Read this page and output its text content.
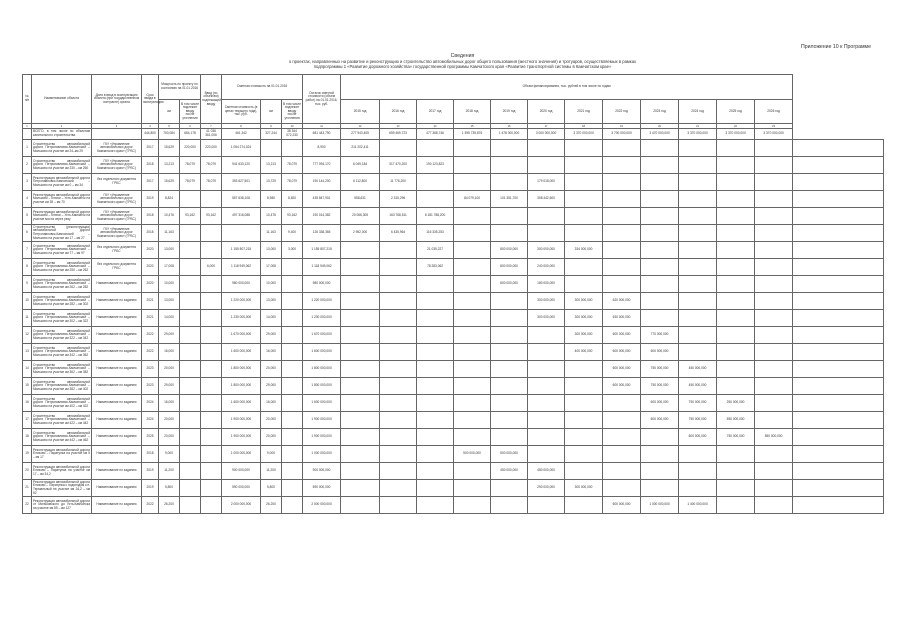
Приложение 10 к Программе
Сведения
о проектах, направленных на развитие и реконструкцию и строительство автомобильных дорог общего пользования (местного значения) и тротуаров, осуществляемых в рамках
подпрограммы 1 «Развитие дорожного хозяйства» государственной программы Камчатского края «Развитие транспортной системы в Камчатском крае»
№ п/п	Наименование объекта	Доля в ввод в эксплуатацию объекта (при государственном контракте) органа	Срок ввода в эксплуатацию	Мощность по проекту по состоянию на 01.01.2016		Ввод (по объектам) подлежащей вводу	Сметная стоимость на 01.01.2016			Остаток сметной стоимости (объем работ) на 01.01.2016, тыс. руб.	Объем финансирования, тыс. рублей в том числе по годам												
				км	В том числе подлежит вводу после уточнения		Сметная стоимость (в ценах текущего года), тыс. руб.	км	В том числе подлежит вводу после уточнения		2015 год	2016 год	2017 год	2018 год	2019 год	2020 год	2021 год	2022 год	2023 год	2024 год	2025 год	2026 год	
1	2	3	4	5	6	7	8	9	10	11	12	13	14	15	16	17	18	19	20	21	22	23	
	ВСЕГО, в том числе по объектам капитального строительства		444,800	700,084	664,178	41 036 361,006	461,342	327,244	38 344 072,230	681 443,790	277 943,405	659 469,723	477 368,746	1 395 735,876	1 478 000,000	3 000 000,000	3 370 000,000	3 700 000,000	3 470 000,000	3 370 000,000	3 370 000,000	3 370 000,000	
1	Строительство автомобильной дороги Петропавловск-Камчатский – Мильково на участке км 24–км 29	ГКУ «Управление автомобильных дорог Камчатского края» (ГРБС)	2017	15,629	220,000	220,000	1 054 274,024			8,900	211 202,411												
2	Строительство автомобильной дороги Петропавловск-Камчатский – Мильково на участке км 230 – км 260	ГКУ «Управление автомобильных дорог Камчатского края» (ГРБС)	2018	13,213	78,079	78,079	941 633,120	13,213	78,079	777 094,170	6 049,184	317 470,200	190 123,823										
3	Реконструкция автомобильной дороги Петропавловск-Камчатский – Мильково на участке км 0 – км 34	без отдельного документа ГРБС	2017	15,629	78,079	78,079	393 627,501	13,729	78,079	190 144,200	6 112,800	11 776,200				179 018,000							
4	Реконструкция автомобильной дороги Мильково – Ключи – Усть-Камчатск на участке км 35 – км 70	ГКУ «Управление автомобильных дорог Камчатского края» (ГРБС)	2019	8,824			557 638,108	8,980	8,820	435 847,901	558,631	2 315,296		84 079,100	101 351,700	308 442,600							
5	Реконструкция автомобильной дороги Мильково – Ключи – Усть-Камчатск на участке моста через реку	ГКУ «Управление автомобильных дорог Камчатского края» (ГРБС)	2018	10,476	93,162	93,162	497 316,088	10,476	93,162	190 014,382	20 066,305	163 768,511	6 181 788,200										
6	Строительство (реконструкция) автомобильной дороги Петропавловск-Камчатский – Мильково на участке км 17 – км 27	ГКУ «Управление автомобильных дорог Камчатского края» (ГРБС)	2018	11,163				11,163	9,400	126 338,365	2 952,000	6 435,964	116 335,253										
7	Строительство автомобильной дороги Петропавловск-Камчатский – Мильково на участке км 77 – км 97	без отдельного документа ГРБС	2020	13,000			1 155 807,215	13,000	3,000	1 155 807,215			21 035,227		800 000,000	300 000,000	334 000,000						
8	Строительство автомобильной дороги Петропавловск-Камчатский – Мильково на участке км 250 – км 262	без отдельного документа ГРБС	2020	17,008		6,000	1 118 949,062	17,008		1 118 949,062			78 283,062		800 000,000	240 000,000							
9	Строительство автомобильной дороги Петропавловск-Камчатский – Мильково на участке км 262 – км 282	Наименование по заданию	2020	10,000			980 000,000	10,000		980 000,000					800 000,000	180 000,000							
10	Строительство автомобильной дороги Петропавловск-Камчатский – Мильково на участке км 282 – км 302	Наименование по заданию	2021	13,000			1 220 000,000	13,000		1 220 000,000						300 000,000	300 000,000	620 000,000					
11	Строительство автомобильной дороги Петропавловск-Камчатский – Мильково на участке км 302 – км 322	Наименование по заданию	2021	14,000			1 230 000,000	14,000		1 230 000,000						300 000,000	300 000,000	630 000,000					
12	Строительство автомобильной дороги Петропавловск-Камчатский – Мильково на участке км 322 – км 342	Наименование по заданию	2022	29,000			1 670 000,000	29,000		1 670 000,000							300 000,000	600 000,000	770 000,000				
13	Строительство автомобильной дороги Петропавловск-Камчатский – Мильково на участке км 342 – км 362	Наименование по заданию	2022	16,000			1 600 000,000	16,000		1 600 000,000							400 000,000	600 000,000	600 000,000				
14	Строительство автомобильной дороги Петропавловск-Камчатский – Мильково на участке км 362 – км 382	Наименование по заданию	2023	20,000			1 800 000,000	20,000		1 800 000,000								600 000,000	750 000,000	450 000,000			
15	Строительство автомобильной дороги Петропавловск-Камчатский – Мильково на участке км 382 – км 402	Наименование по заданию	2023	29,000			1 800 000,000	29,000		1 800 000,000								600 000,000	750 000,000	450 000,000			
16	Строительство автомобильной дороги Петропавловск-Камчатский – Мильково на участке км 402 – км 422	Наименование по заданию	2024	16,000			1 600 000,000	16,000		1 600 000,000									600 000,000	750 000,000	250 000,000		
17	Строительство автомобильной дороги Петропавловск-Камчатский – Мильково на участке км 422 – км 442	Наименование по заданию	2024	20,000			1 900 000,000	20,000		1 900 000,000									600 000,000	750 000,000	550 000,000		
18	Строительство автомобильной дороги Петропавловск-Камчатский – Мильково на участке км 442 – км 462	Наименование по заданию	2025	20,000			1 900 000,000	20,000		1 900 000,000										600 000,000	750 000,000	550 000,000	
19	Реконструкция автомобильной дороги Елизово – Паратунка на участке км 5 – км 17	Наименование по заданию	2018	9,000			1 000 000,000	9,000		1 000 000,000				500 000,000	500 000,000								
20	Реконструкция автомобильной дороги Елизово – Паратунка на участке км 17 – км 34,2	Наименование по заданию	2019	11,200			900 000,000	11,200		900 000,000					450 000,000	450 000,000							
21	Реконструкция автомобильной дороги Елизово – Паратунка с подъездом к п. Термальный на участке км 34,2 – км 52	Наименование по заданию	2019	5,800			590 000,000	5,800		590 000,000						290 000,000	300 000,000						
22	Реконструкция автомобильной дороги от Мильковского до Усть-Камчатска на участке км 85 – км 127	Наименование по заданию	2022	26,200			2 000 000,000	26,200		2 000 000,000								600 000,000	1 000 000,000	1 400 000,000			
